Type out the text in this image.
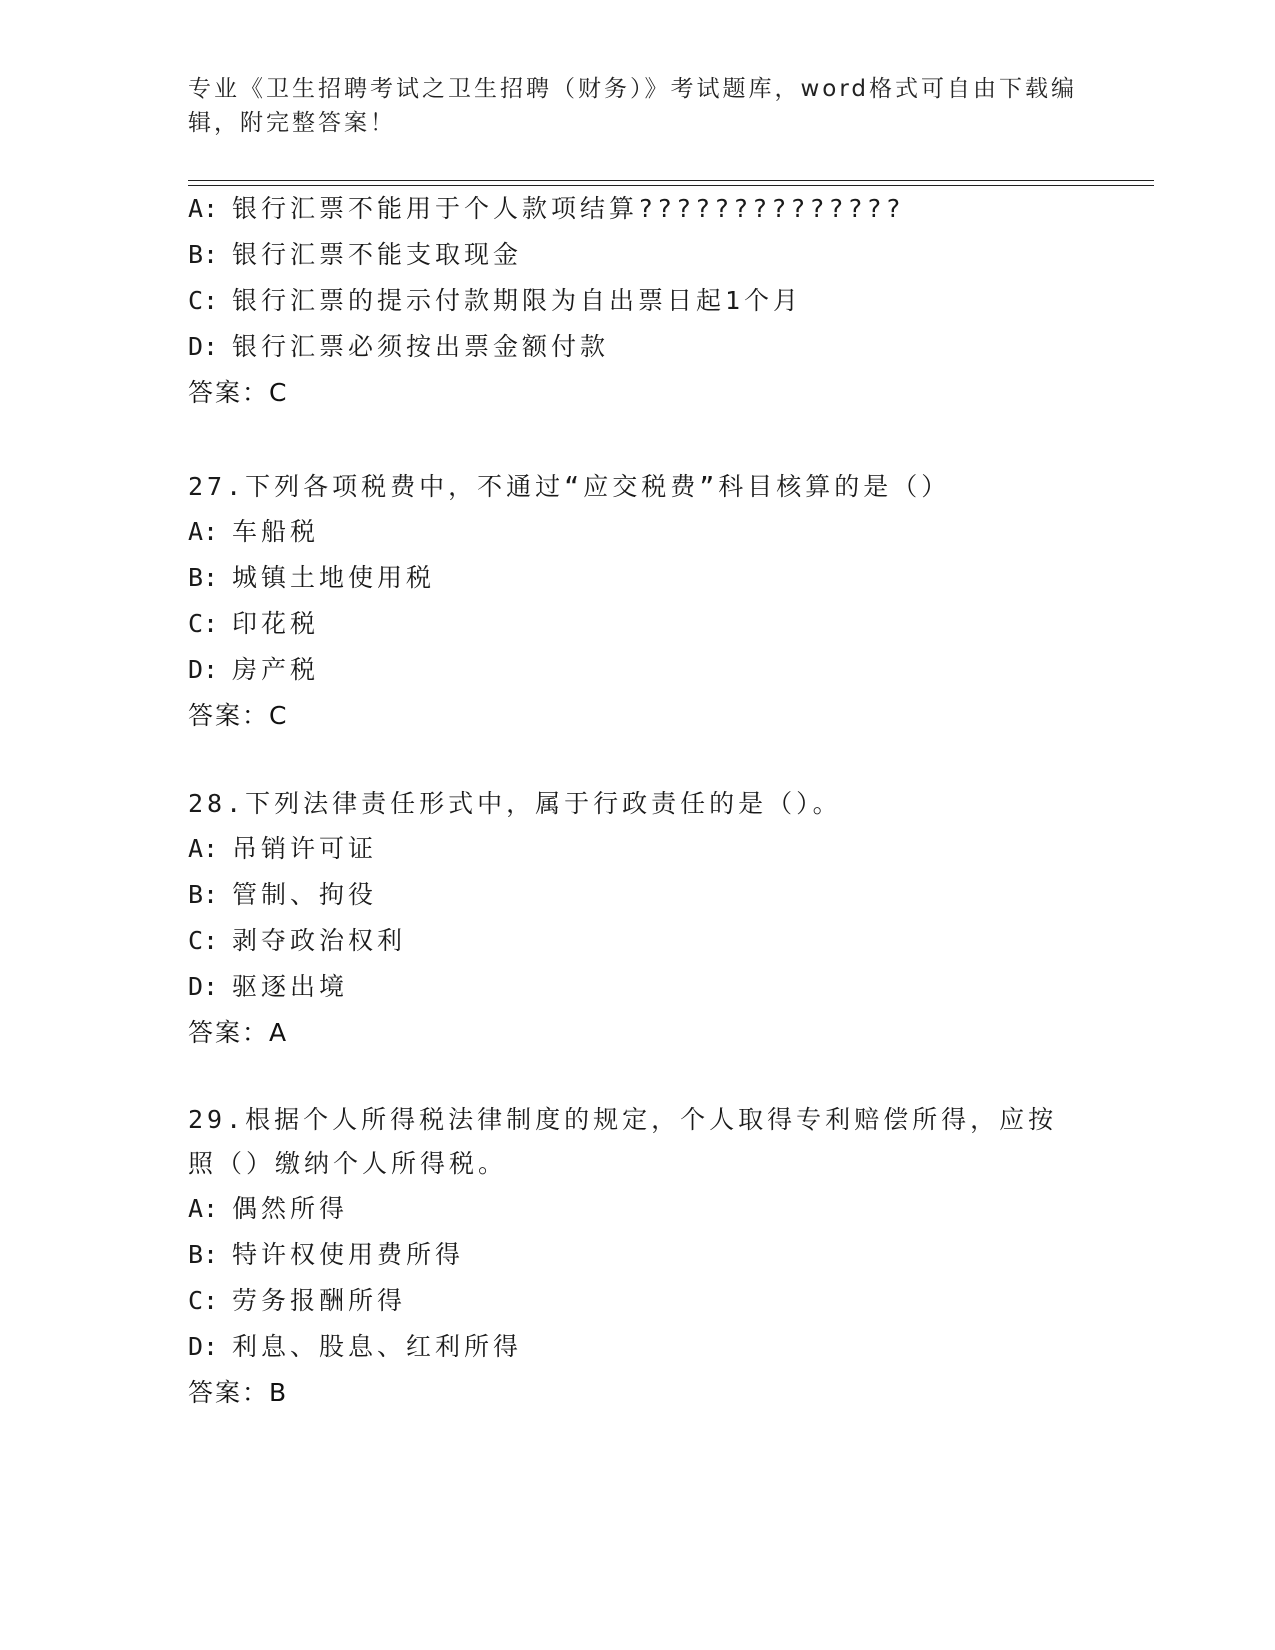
专业《卫生招聘考试之卫生招聘（财务）》考试题库，word格式可自由下载编辑，附完整答案！
A: 银行汇票不能用于个人款项结算??????????????
B: 银行汇票不能支取现金
C: 银行汇票的提示付款期限为自出票日起1个月
D: 银行汇票必须按出票金额付款
答案：C
27.下列各项税费中，不通过“应交税费”科目核算的是（）
A: 车船税
B: 城镇土地使用税
C: 印花税
D: 房产税
答案：C
28.下列法律责任形式中，属于行政责任的是（）。
A: 吊销许可证
B: 管制、拘役
C: 剥夺政治权利
D: 驱逐出境
答案：A
29.根据个人所得税法律制度的规定，个人取得专利赔偿所得，应按照（）缴纳个人所得税。
A: 偶然所得
B: 特许权使用费所得
C: 劳务报酬所得
D: 利息、股息、红利所得
答案：B
